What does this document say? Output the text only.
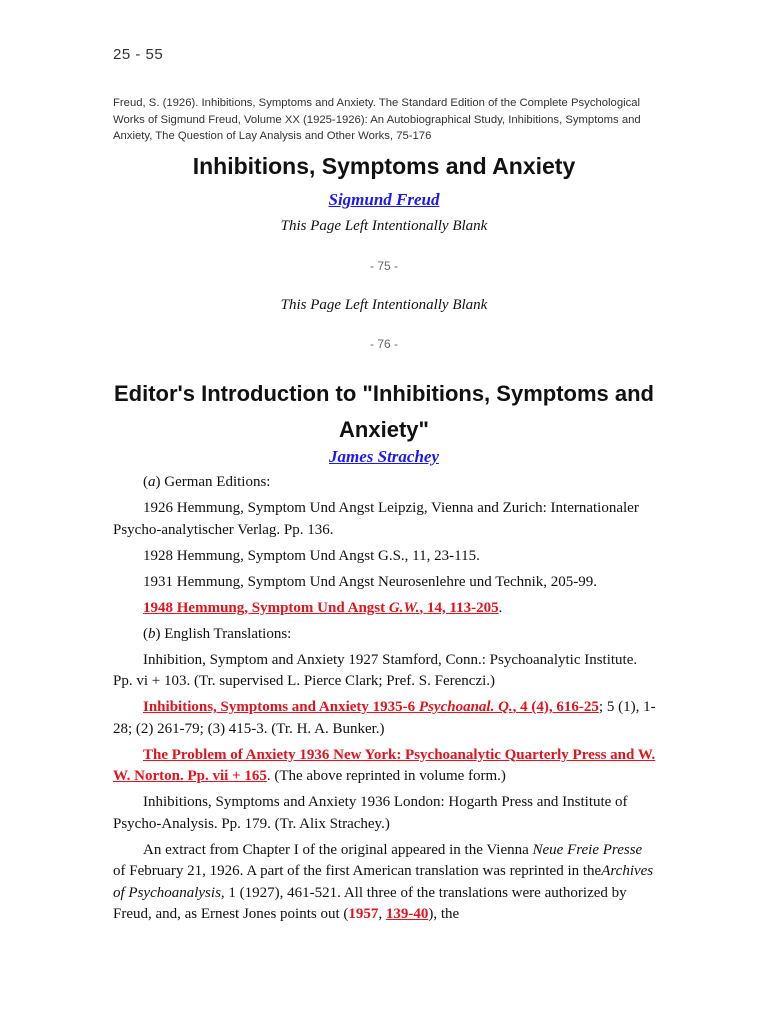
25 - 55
Freud, S. (1926). Inhibitions, Symptoms and Anxiety. The Standard Edition of the Complete Psychological Works of Sigmund Freud, Volume XX (1925-1926): An Autobiographical Study, Inhibitions, Symptoms and Anxiety, The Question of Lay Analysis and Other Works, 75-176
Inhibitions, Symptoms and Anxiety
Sigmund Freud
This Page Left Intentionally Blank
- 75 -
This Page Left Intentionally Blank
- 76 -
Editor's Introduction to "Inhibitions, Symptoms and Anxiety"
James Strachey

(a) German Editions:

1926 Hemmung, Symptom Und Angst Leipzig, Vienna and Zurich: Internationaler Psycho-analytischer Verlag. Pp. 136.

1928 Hemmung, Symptom Und Angst G.S., 11, 23-115.

1931 Hemmung, Symptom Und Angst Neurosenlehre und Technik, 205-99.

1948 Hemmung, Symptom Und Angst G.W., 14, 113-205.

(b) English Translations:

Inhibition, Symptom and Anxiety 1927 Stamford, Conn.: Psychoanalytic Institute. Pp. vi + 103. (Tr. supervised L. Pierce Clark; Pref. S. Ferenczi.)

Inhibitions, Symptoms and Anxiety 1935-6 Psychoanal. Q., 4 (4), 616-25; 5 (1), 1-28; (2) 261-79; (3) 415-3. (Tr. H. A. Bunker.)

The Problem of Anxiety 1936 New York: Psychoanalytic Quarterly Press and W. W. Norton. Pp. vii + 165. (The above reprinted in volume form.)

Inhibitions, Symptoms and Anxiety 1936 London: Hogarth Press and Institute of Psycho-Analysis. Pp. 179. (Tr. Alix Strachey.)

An extract from Chapter I of the original appeared in the Vienna Neue Freie Presse of February 21, 1926. A part of the first American translation was reprinted in theArchives of Psychoanalysis, 1 (1927), 461-521. All three of the translations were authorized by Freud, and, as Ernest Jones points out (1957, 139-40), the
